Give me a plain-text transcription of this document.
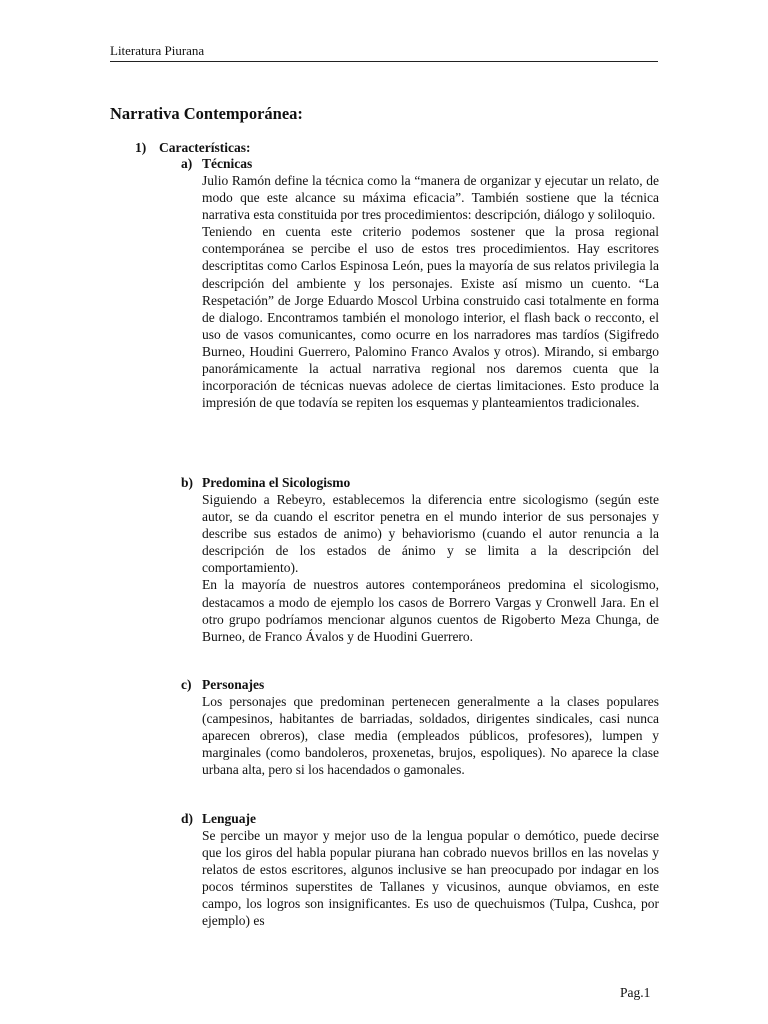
Literatura Piurana
Narrativa Contemporánea:
1) Características:
a) Técnicas

Julio Ramón define la técnica como la “manera de organizar y ejecutar un relato, de modo que este alcance su máxima eficacia”. También sostiene que la técnica narrativa esta constituida por tres procedimientos: descripción, diálogo y soliloquio.

Teniendo en cuenta este criterio podemos sostener que la prosa regional contemporánea se percibe el uso de estos tres procedimientos. Hay escritores descriptitas como Carlos Espinosa León, pues la mayoría de sus relatos privilegia la descripción del ambiente y los personajes. Existe así mismo un cuento. “La Respetación” de Jorge Eduardo Moscol Urbina construido casi totalmente en forma de dialogo. Encontramos también el monologo interior, el flash back o recconto, el uso de vasos comunicantes, como ocurre en los narradores mas tardíos (Sigifredo Burneo, Houdini Guerrero, Palomino Franco Avalos y otros). Mirando, si embargo panorámicamente la actual narrativa regional nos daremos cuenta que la incorporación de técnicas nuevas adolece de ciertas limitaciones. Esto produce la impresión de que todavía se repiten los esquemas y planteamientos tradicionales.

b) Predomina el Sicologismo

Siguiendo a Rebeyro, establecemos la diferencia entre sicologismo (según este autor, se da cuando el escritor penetra en el mundo interior de sus personajes y describe sus estados de animo) y behaviorismo (cuando el autor renuncia a la descripción de los estados de ánimo y se limita a la descripción del comportamiento).

En la mayoría de nuestros autores contemporáneos predomina el sicologismo, destacamos a modo de ejemplo los casos de Borrero Vargas y Cronwell Jara. En el otro grupo podríamos mencionar algunos cuentos de Rigoberto Meza Chunga, de Burneo, de Franco Ávalos y de Huodini Guerrero.

c) Personajes

Los personajes que predominan pertenecen generalmente a la clases populares (campesinos, habitantes de barriadas, soldados, dirigentes sindicales, casi nunca aparecen obreros), clase media (empleados públicos, profesores), lumpen y marginales (como bandoleros, proxenetas, brujos, espoliques). No aparece la clase urbana alta, pero si los hacendados o gamonales.

d) Lenguaje

Se percibe un mayor y mejor uso de la lengua popular o demótico, puede decirse que los giros del habla popular piurana han cobrado nuevos brillos en las novelas y relatos de estos escritores, algunos inclusive se han preocupado por indagar en los pocos términos superstites de Tallanes y vicusinos, aunque obviamos, en este campo, los logros son insignificantes. Es uso de quechuismos (Tulpa, Cushca, por ejemplo) es

Pag.1
